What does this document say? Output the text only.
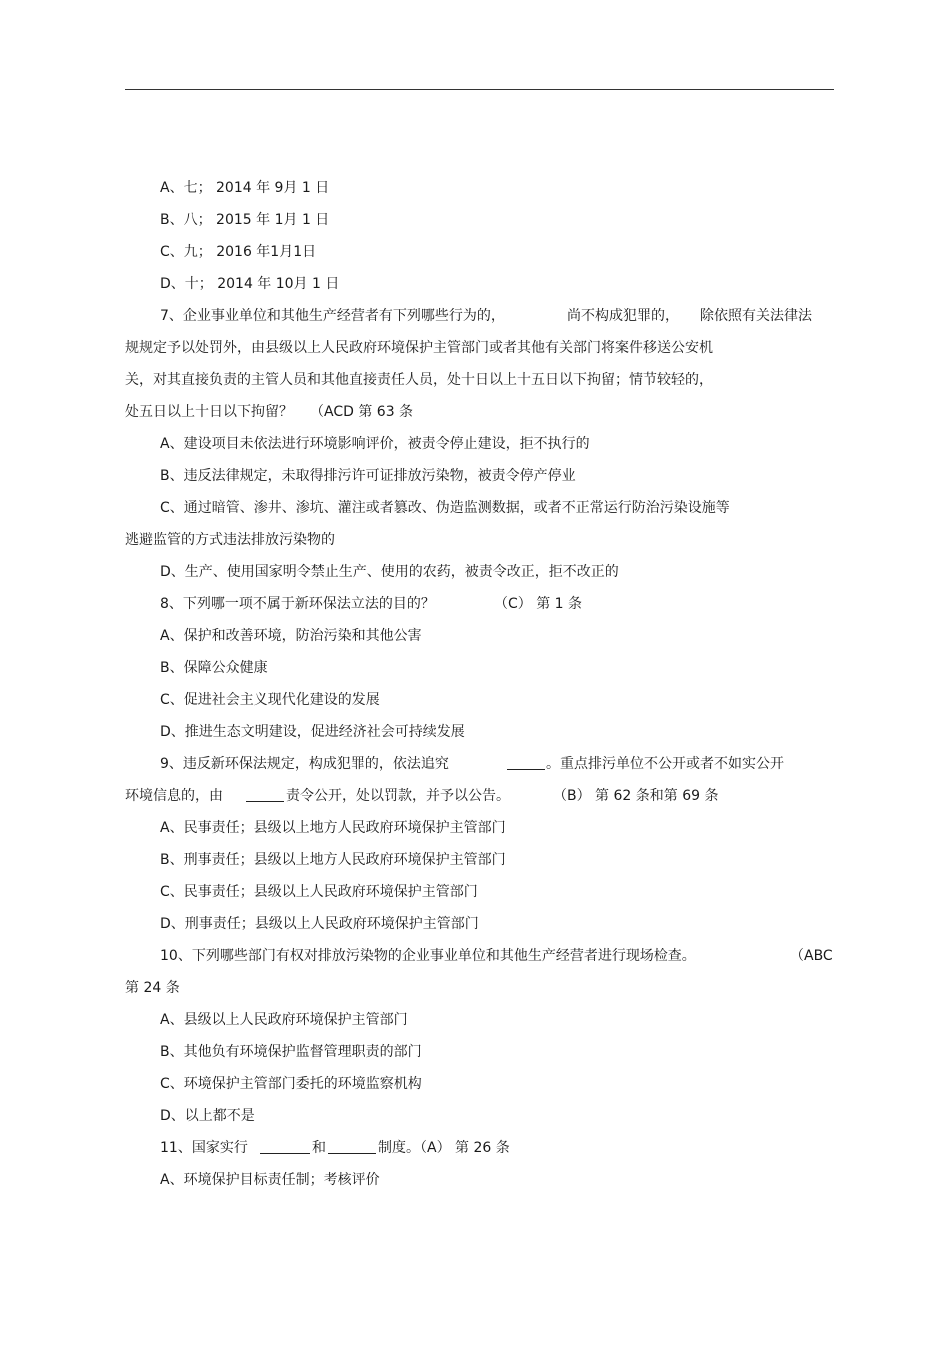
A、七； 2014 年 9月 1 日
B、八； 2015 年 1月 1 日
C、九； 2016 年1月1日
D、十； 2014 年 10月 1 日
7、企业事业单位和其他生产经营者有下列哪些行为的，	尚不构成犯罪的， 除依照有关法律法
规规定予以处罚外，由县级以上人民政府环境保护主管部门或者其他有关部门将案件移送公安机
关，对其直接负责的主管人员和其他直接责任人员，处十日以上十五日以下拘留；情节较轻的，
处五日以上十日以下拘留？ （ACD 第 63 条
A、建设项目未依法进行环境影响评价，被责令停止建设，拒不执行的
B、违反法律规定，未取得排污许可证排放污染物，被责令停产停业
C、通过暗管、渗井、渗坑、灌注或者篡改、伪造监测数据，或者不正常运行防治污染设施等
逃避监管的方式违法排放污染物的
D、生产、使用国家明令禁止生产、使用的农药，被责令改正，拒不改正的
8、下列哪一项不属于新环保法立法的目的？	（C） 第 1 条
A、保护和改善环境，防治污染和其他公害
B、保障公众健康
C、促进社会主义现代化建设的发展
D、推进生态文明建设，促进经济社会可持续发展
9、违反新环保法规定，构成犯罪的，依法追究	。重点排污单位不公开或者不如实公开
环境信息的，由	责令公开，处以罚款，并予以公告。	（B） 第 62 条和第 69 条
A、民事责任；县级以上地方人民政府环境保护主管部门
B、刑事责任；县级以上地方人民政府环境保护主管部门
C、民事责任；县级以上人民政府环境保护主管部门
D、刑事责任；县级以上人民政府环境保护主管部门
10、下列哪些部门有权对排放污染物的企业事业单位和其他生产经营者进行现场检查。	（ABC
第 24 条
A、县级以上人民政府环境保护主管部门
B、其他负有环境保护监督管理职责的部门
C、环境保护主管部门委托的环境监察机构
D、以上都不是
11、国家实行	和	制度。（A） 第 26 条
A、环境保护目标责任制；考核评价
